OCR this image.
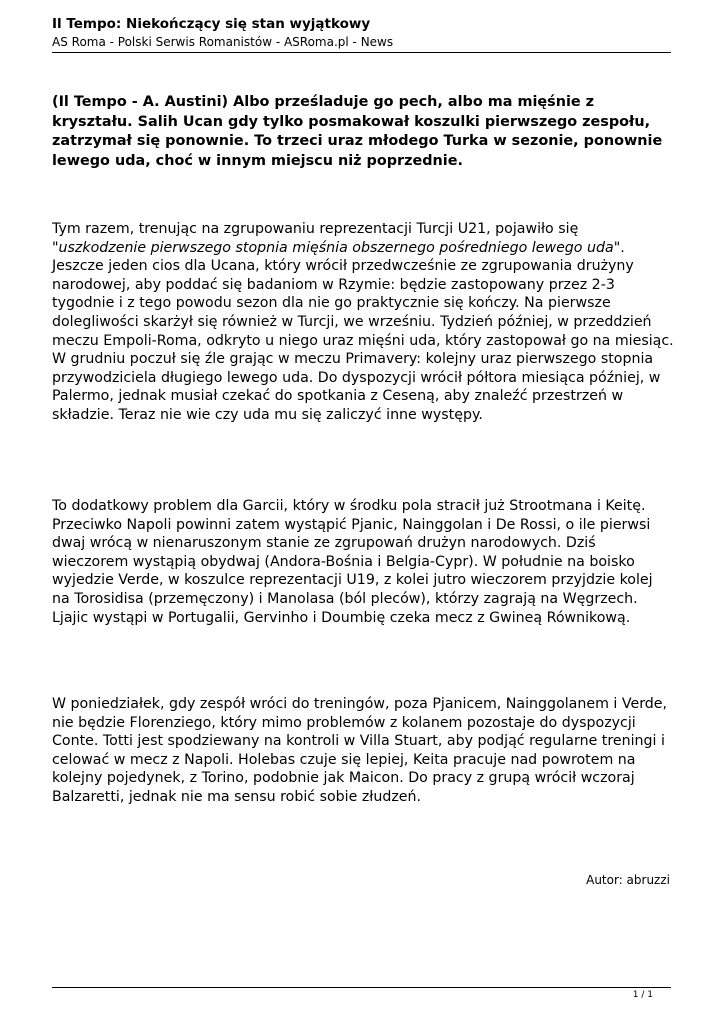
Il Tempo: Niekończący się stan wyjątkowy
AS Roma - Polski Serwis Romanistów - ASRoma.pl - News

(Il Tempo - A. Austini) Albo prześladuje go pech, albo ma mięśnie z kryształu. Salih Ucan gdy tylko posmakował koszulki pierwszego zespołu, zatrzymał się ponownie. To trzeci uraz młodego Turka w sezonie, ponownie lewego uda, choć w innym miejscu niż poprzednie.

Tym razem, trenując na zgrupowaniu reprezentacji Turcji U21, pojawiło się "uszkodzenie pierwszego stopnia mięśnia obszernego pośredniego lewego uda". Jeszcze jeden cios dla Ucana, który wrócił przedwcześnie ze zgrupowania drużyny narodowej, aby poddać się badaniom w Rzymie: będzie zastopowany przez 2-3 tygodnie i z tego powodu sezon dla nie go praktycznie się kończy. Na pierwsze dolegliwości skarżył się również w Turcji, we wrześniu. Tydzień później, w przeddzień meczu Empoli-Roma, odkryto u niego uraz mięśni uda, który zastopował go na miesiąc. W grudniu poczuł się źle grając w meczu Primavery: kolejny uraz pierwszego stopnia przywodziciela długiego lewego uda. Do dyspozycji wrócił półtora miesiąca później, w Palermo, jednak musiał czekać do spotkania z Ceseną, aby znaleźć przestrzeń w składzie. Teraz nie wie czy uda mu się zaliczyć inne występy.

To dodatkowy problem dla Garcii, który w środku pola stracił już Strootmana i Keitę. Przeciwko Napoli powinni zatem wystąpić Pjanic, Nainggolan i De Rossi, o ile pierwsi dwaj wrócą w nienaruszonym stanie ze zgrupowań drużyn narodowych. Dziś wieczorem wystąpią obydwaj (Andora-Bośnia i Belgia-Cypr). W południe na boisko wyjedzie Verde, w koszulce reprezentacji U19, z kolei jutro wieczorem przyjdzie kolej na Torosidisa (przemęczony) i Manolasa (ból pleców), którzy zagrają na Węgrzech. Ljajic wystąpi w Portugalii, Gervinho i Doumbię czeka mecz z Gwineą Równikową.

W poniedziałek, gdy zespół wróci do treningów, poza Pjanicem, Nainggolanem i Verde, nie będzie Florenziego, który mimo problemów z kolanem pozostaje do dyspozycji Conte. Totti jest spodziewany na kontroli w Villa Stuart, aby podjąć regularne treningi i celować w mecz z Napoli. Holebas czuje się lepiej, Keita pracuje nad powrotem na kolejny pojedynek, z Torino, podobnie jak Maicon. Do pracy z grupą wrócił wczoraj Balzaretti, jednak nie ma sensu robić sobie złudzeń.

Autor: abruzzi
1 / 1
